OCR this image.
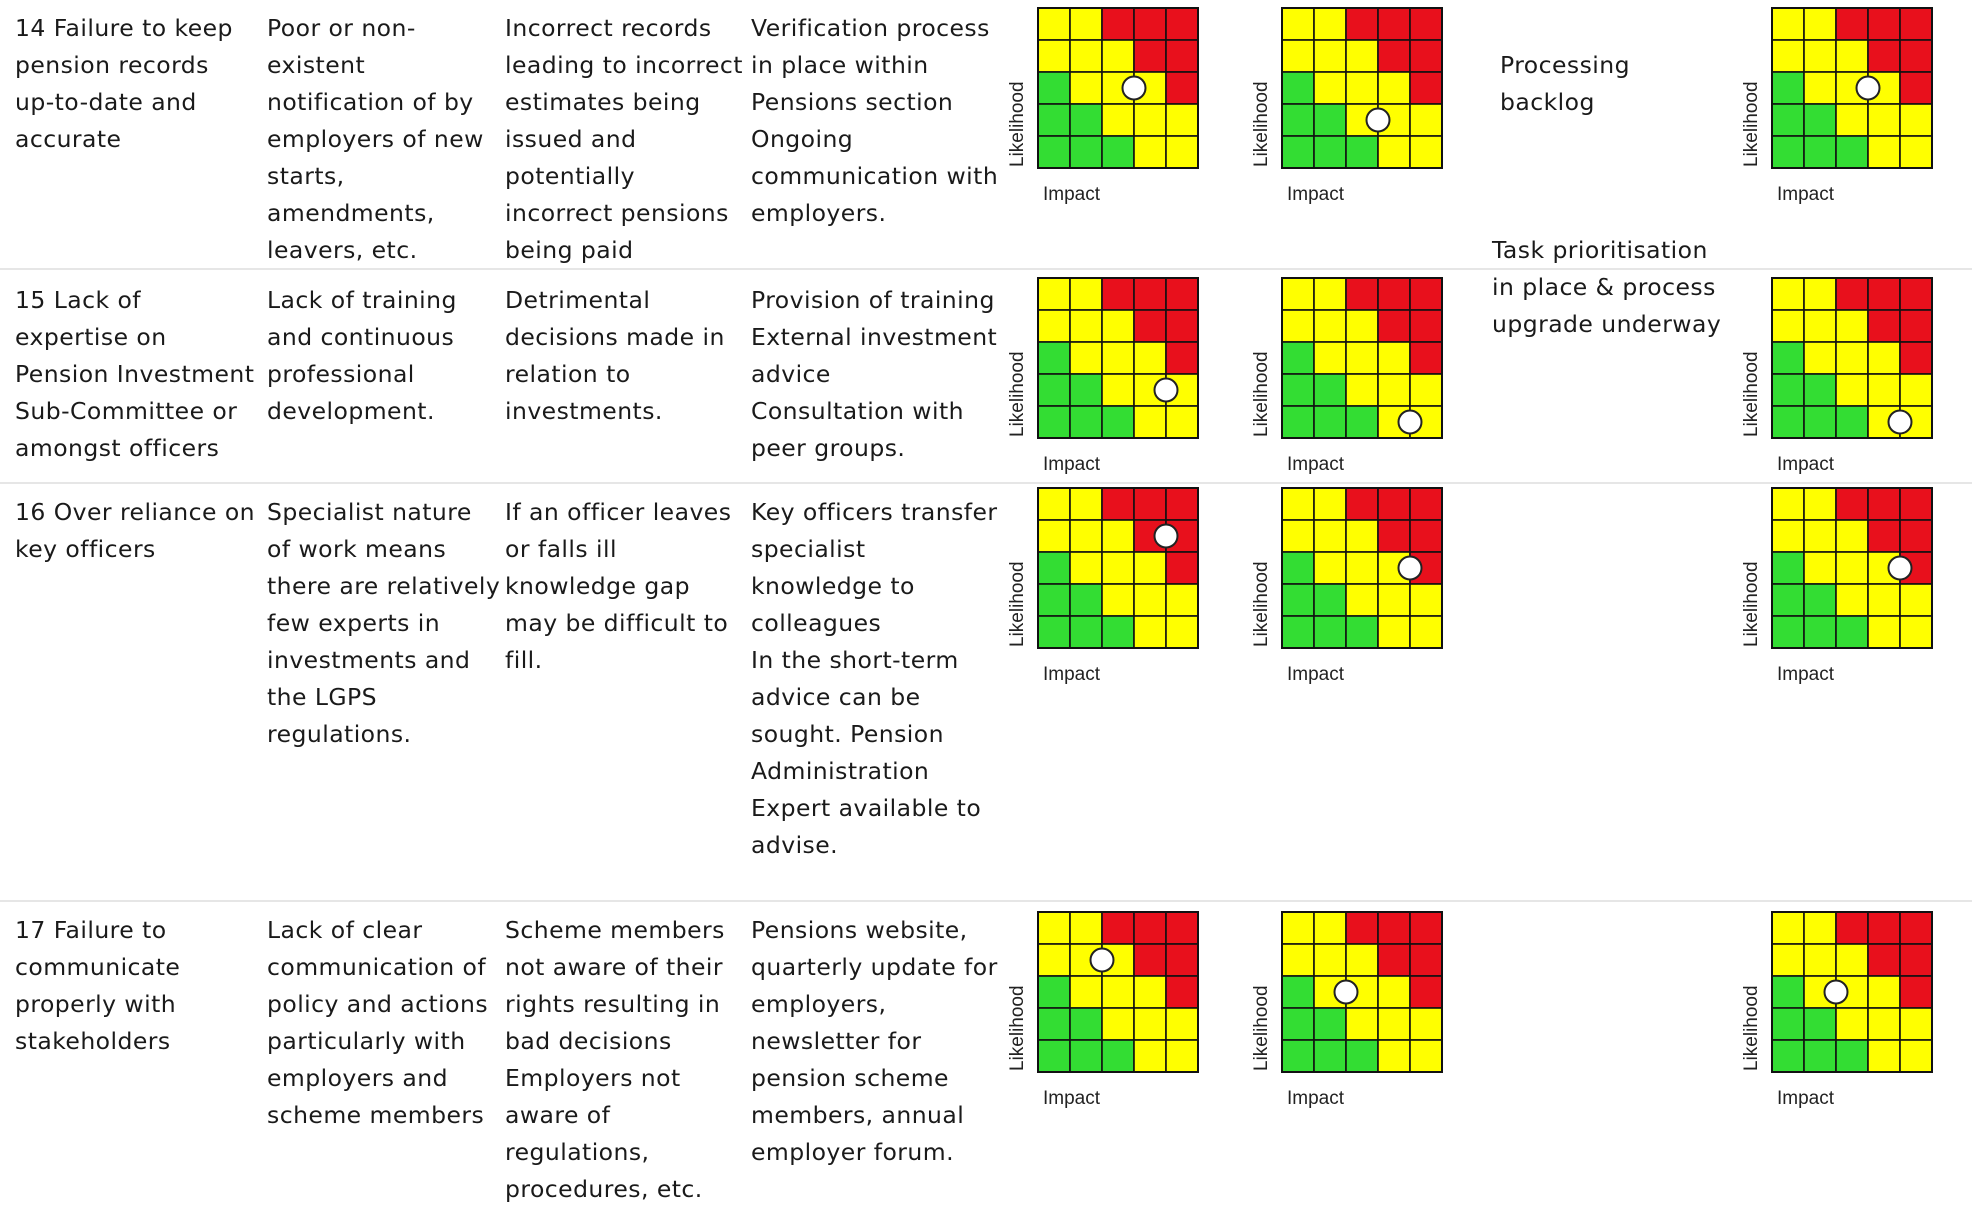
14 Failure to keep pension records up-to-date and accurate
Poor or non-existent notification of by employers of new starts, amendments, leavers, etc.
Incorrect records leading to incorrect estimates being issued and potentially incorrect pensions being paid
Verification process in place within Pensions section
Ongoing communication with employers.
Likelihood
Impact
Likelihood
Impact

Processing backlog

Task prioritisation in place & process upgrade underway

Likelihood
Impact
15 Lack of expertise on Pension Investment Sub-Committee or amongst officers
Lack of training and continuous professional development.
Detrimental decisions made in relation to investments.
Provision of training
External investment advice
Consultation with peer groups.
Likelihood
Impact
Likelihood
Impact
Likelihood
Impact
16 Over reliance on key officers
Specialist nature of work means there are relatively few experts in investments and the LGPS regulations.
If an officer leaves or falls ill knowledge gap may be difficult to fill.
Key officers transfer specialist knowledge to colleagues
In the short-term advice can be sought. Pension Administration Expert available to advise.
Likelihood
Impact
Likelihood
Impact
Likelihood
Impact
17 Failure to communicate properly with stakeholders
Lack of clear communication of policy and actions particularly with employers and scheme members
Scheme members not aware of their rights resulting in bad decisions
Employers not aware of regulations, procedures, etc.
Pensions website, quarterly update for employers, newsletter for pension scheme members, annual employer forum.
Likelihood
Impact
Likelihood
Impact
Likelihood
Impact
